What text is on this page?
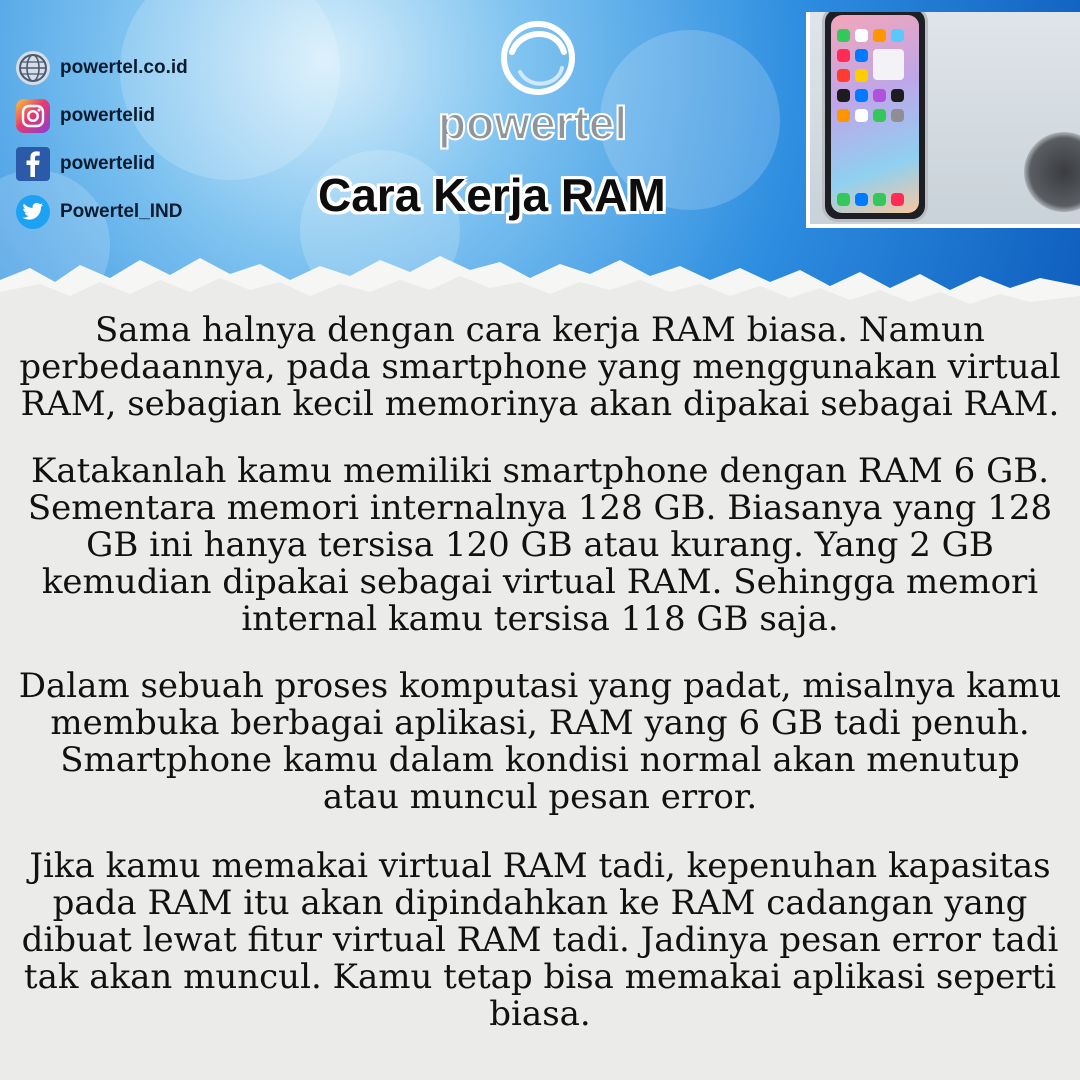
powertel.co.id
powertelid
powertelid
Powertel_IND
powertel
Cara Kerja RAM

Sama halnya dengan cara kerja RAM biasa. Namun perbedaannya, pada smartphone yang menggunakan virtual RAM, sebagian kecil memorinya akan dipakai sebagai RAM.

Katakanlah kamu memiliki smartphone dengan RAM 6 GB. Sementara memori internalnya 128 GB. Biasanya yang 128 GB ini hanya tersisa 120 GB atau kurang. Yang 2 GB kemudian dipakai sebagai virtual RAM. Sehingga memori internal kamu tersisa 118 GB saja.

Dalam sebuah proses komputasi yang padat, misalnya kamu membuka berbagai aplikasi, RAM yang 6 GB tadi penuh. Smartphone kamu dalam kondisi normal akan menutup atau muncul pesan error.

Jika kamu memakai virtual RAM tadi, kepenuhan kapasitas pada RAM itu akan dipindahkan ke RAM cadangan yang dibuat lewat fitur virtual RAM tadi. Jadinya pesan error tadi tak akan muncul. Kamu tetap bisa memakai aplikasi seperti biasa.
